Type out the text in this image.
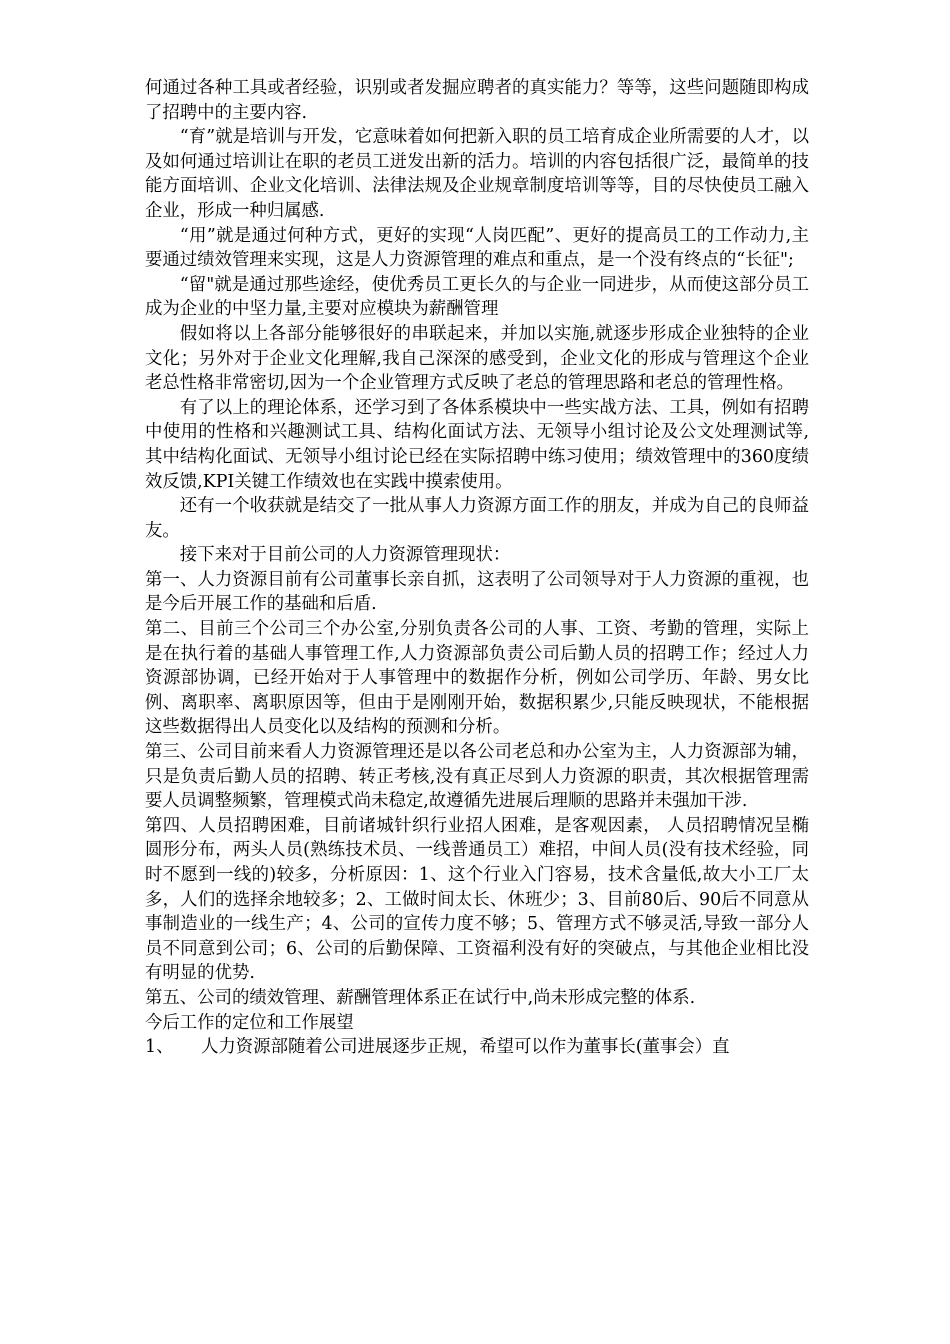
何通过各种工具或者经验，识别或者发掘应聘者的真实能力？等等，这些问题随即构成了招聘中的主要内容.

“育”就是培训与开发，它意味着如何把新入职的员工培育成企业所需要的人才，以及如何通过培训让在职的老员工迸发出新的活力。培训的内容包括很广泛，最简单的技能方面培训、企业文化培训、法律法规及企业规章制度培训等等，目的尽快使员工融入企业，形成一种归属感.

“用”就是通过何种方式，更好的实现“人岗匹配”、更好的提高员工的工作动力,主要通过绩效管理来实现，这是人力资源管理的难点和重点，是一个没有终点的“长征";

“留"就是通过那些途经，使优秀员工更长久的与企业一同进步，从而使这部分员工成为企业的中坚力量,主要对应模块为薪酬管理

假如将以上各部分能够很好的串联起来，并加以实施,就逐步形成企业独特的企业文化；另外对于企业文化理解,我自己深深的感受到，企业文化的形成与管理这个企业老总性格非常密切,因为一个企业管理方式反映了老总的管理思路和老总的管理性格。

有了以上的理论体系，还学习到了各体系模块中一些实战方法、工具，例如有招聘中使用的性格和兴趣测试工具、结构化面试方法、无领导小组讨论及公文处理测试等,其中结构化面试、无领导小组讨论已经在实际招聘中练习使用；绩效管理中的360度绩效反馈,KPI关键工作绩效也在实践中摸索使用。

还有一个收获就是结交了一批从事人力资源方面工作的朋友，并成为自己的良师益友。

接下来对于目前公司的人力资源管理现状：

第一、人力资源目前有公司董事长亲自抓，这表明了公司领导对于人力资源的重视，也是今后开展工作的基础和后盾.

第二、目前三个公司三个办公室,分别负责各公司的人事、工资、考勤的管理，实际上是在执行着的基础人事管理工作,人力资源部负责公司后勤人员的招聘工作；经过人力资源部协调，已经开始对于人事管理中的数据作分析，例如公司学历、年龄、男女比例、离职率、离职原因等，但由于是刚刚开始，数据积累少,只能反映现状，不能根据这些数据得出人员变化以及结构的预测和分析。

第三、公司目前来看人力资源管理还是以各公司老总和办公室为主，人力资源部为辅，只是负责后勤人员的招聘、转正考核,没有真正尽到人力资源的职责，其次根据管理需要人员调整频繁，管理模式尚未稳定,故遵循先进展后理顺的思路并未强加干涉.

第四、人员招聘困难，目前诸城针织行业招人困难，是客观因素， 人员招聘情况呈椭圆形分布，两头人员(熟练技术员、一线普通员工）难招，中间人员(没有技术经验，同时不愿到一线的)较多，分析原因：1、这个行业入门容易，技术含量低,故大小工厂太多，人们的选择余地较多；2、工做时间太长、休班少；3、目前80后、90后不同意从事制造业的一线生产；4、公司的宣传力度不够；5、管理方式不够灵活,导致一部分人员不同意到公司；6、公司的后勤保障、工资福利没有好的突破点，与其他企业相比没有明显的优势.

第五、公司的绩效管理、薪酬管理体系正在试行中,尚未形成完整的体系.

今后工作的定位和工作展望

1、	人力资源部随着公司进展逐步正规，希望可以作为董事长(董事会）直
